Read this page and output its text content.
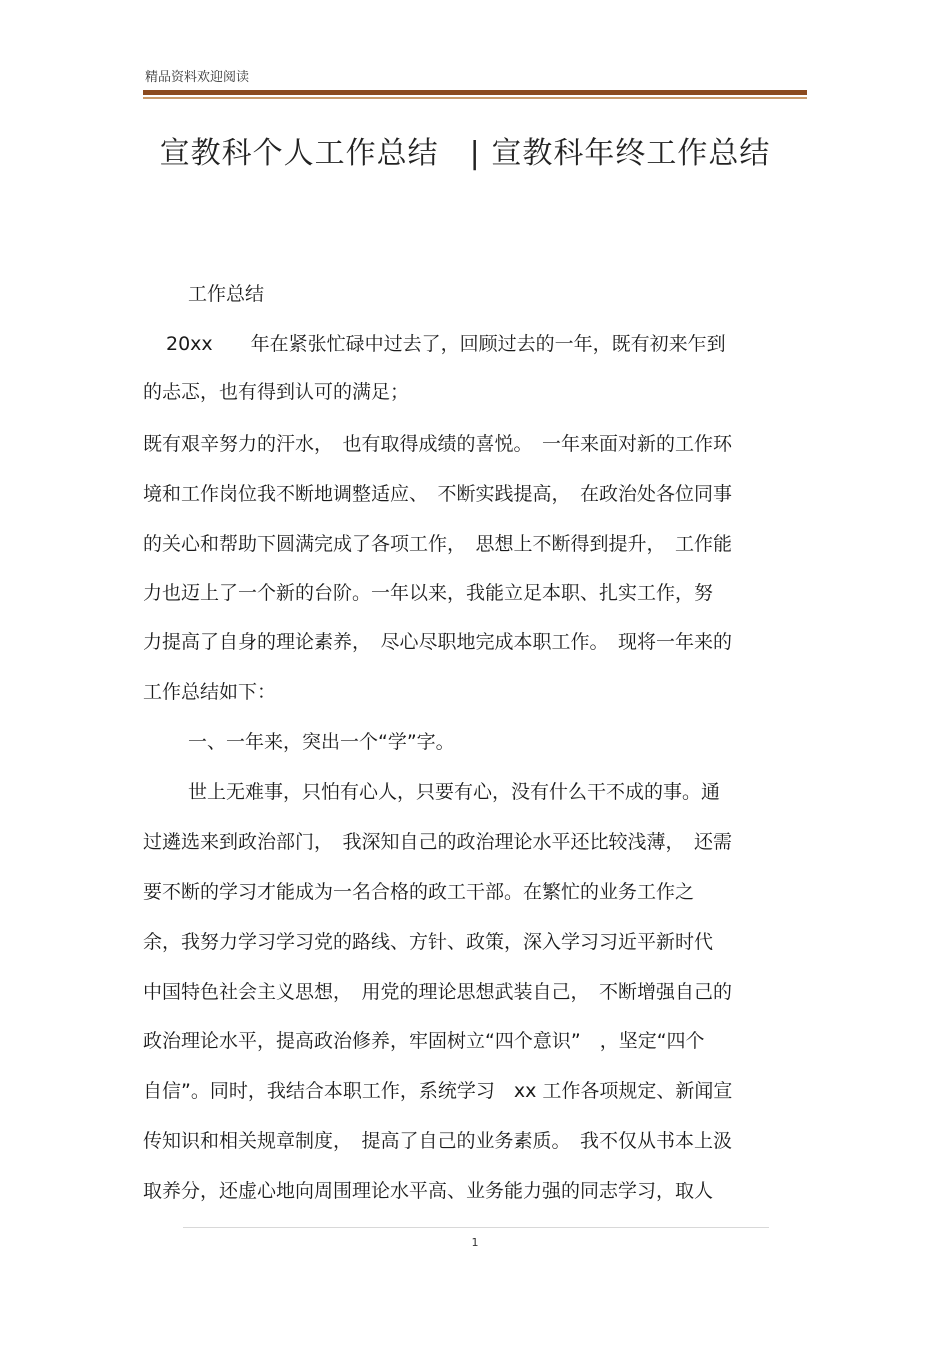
精品资料欢迎阅读
宣教科个人工作总结　| 宣教科年终工作总结
工作总结
20xx　　年在紧张忙碌中过去了，回顾过去的一年，既有初来乍到
的忐忑，也有得到认可的满足；
既有艰辛努力的汗水，　也有取得成绩的喜悦。　一年来面对新的工作环
境和工作岗位我不断地调整适应、　不断实践提高，　在政治处各位同事
的关心和帮助下圆满完成了各项工作，　思想上不断得到提升，　工作能
力也迈上了一个新的台阶。一年以来，我能立足本职、扎实工作，努
力提高了自身的理论素养，　尽心尽职地完成本职工作。　现将一年来的
工作总结如下：
一、一年来，突出一个“学”字。
世上无难事，只怕有心人，只要有心，没有什么干不成的事。通
过遴选来到政治部门，　我深知自己的政治理论水平还比较浅薄，　还需
要不断的学习才能成为一名合格的政工干部。在繁忙的业务工作之
余，我努力学习学习党的路线、方针、政策，深入学习习近平新时代
中国特色社会主义思想，　用党的理论思想武装自己，　不断增强自己的
政治理论水平，提高政治修养，牢固树立“四个意识”　，坚定“四个
自信”。同时，我结合本职工作，系统学习　xx 工作各项规定、新闻宣
传知识和相关规章制度，　提高了自己的业务素质。　我不仅从书本上汲
取养分，还虚心地向周围理论水平高、业务能力强的同志学习，取人
1
